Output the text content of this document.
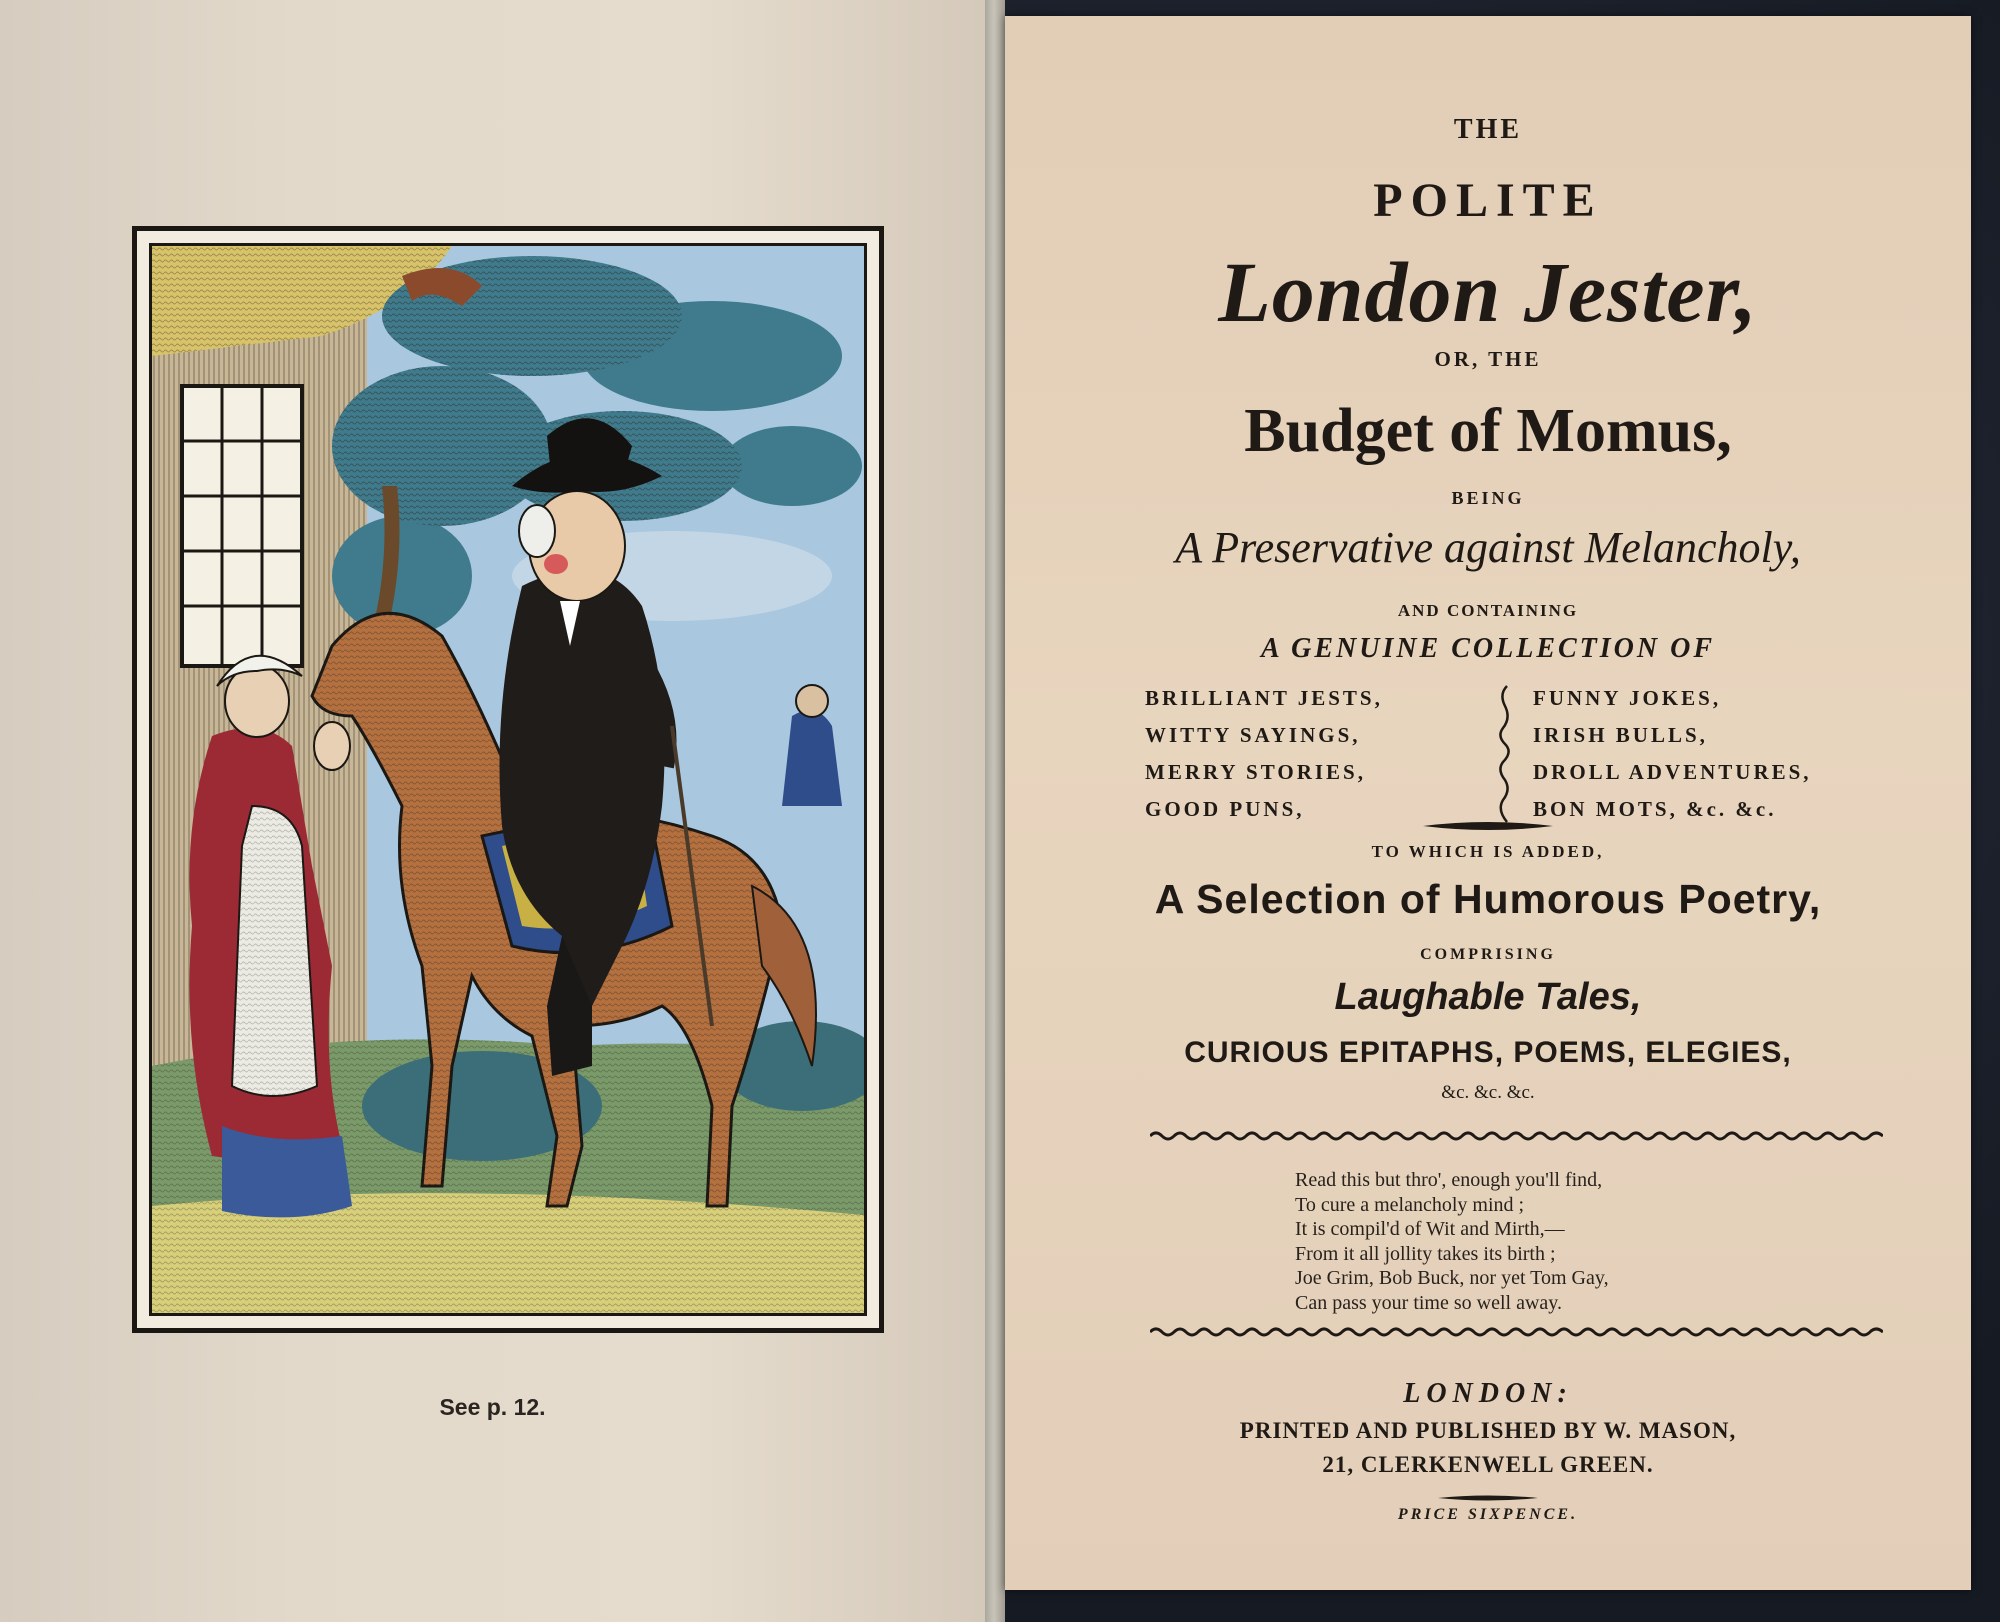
See p. 12.
THE
POLITE
London Jester,
OR, THE
Budget of Momus,
BEING
A Preservative against Melancholy,
AND CONTAINING
A GENUINE COLLECTION OF
BRILLIANT JESTS,
WITTY SAYINGS,
MERRY STORIES,
GOOD PUNS,
FUNNY JOKES,
IRISH BULLS,
DROLL ADVENTURES,
BON MOTS, &c. &c.
TO WHICH IS ADDED,
A Selection of Humorous Poetry,
COMPRISING
Laughable Tales,
CURIOUS EPITAPHS, POEMS, ELEGIES,
&c. &c. &c.
Read this but thro', enough you'll find,
To cure a melancholy mind ;
It is compil'd of Wit and Mirth,—
From it all jollity takes its birth ;
Joe Grim, Bob Buck, nor yet Tom Gay,
Can pass your time so well away.
LONDON:
PRINTED AND PUBLISHED BY W. MASON,
21, CLERKENWELL GREEN.
PRICE SIXPENCE.
